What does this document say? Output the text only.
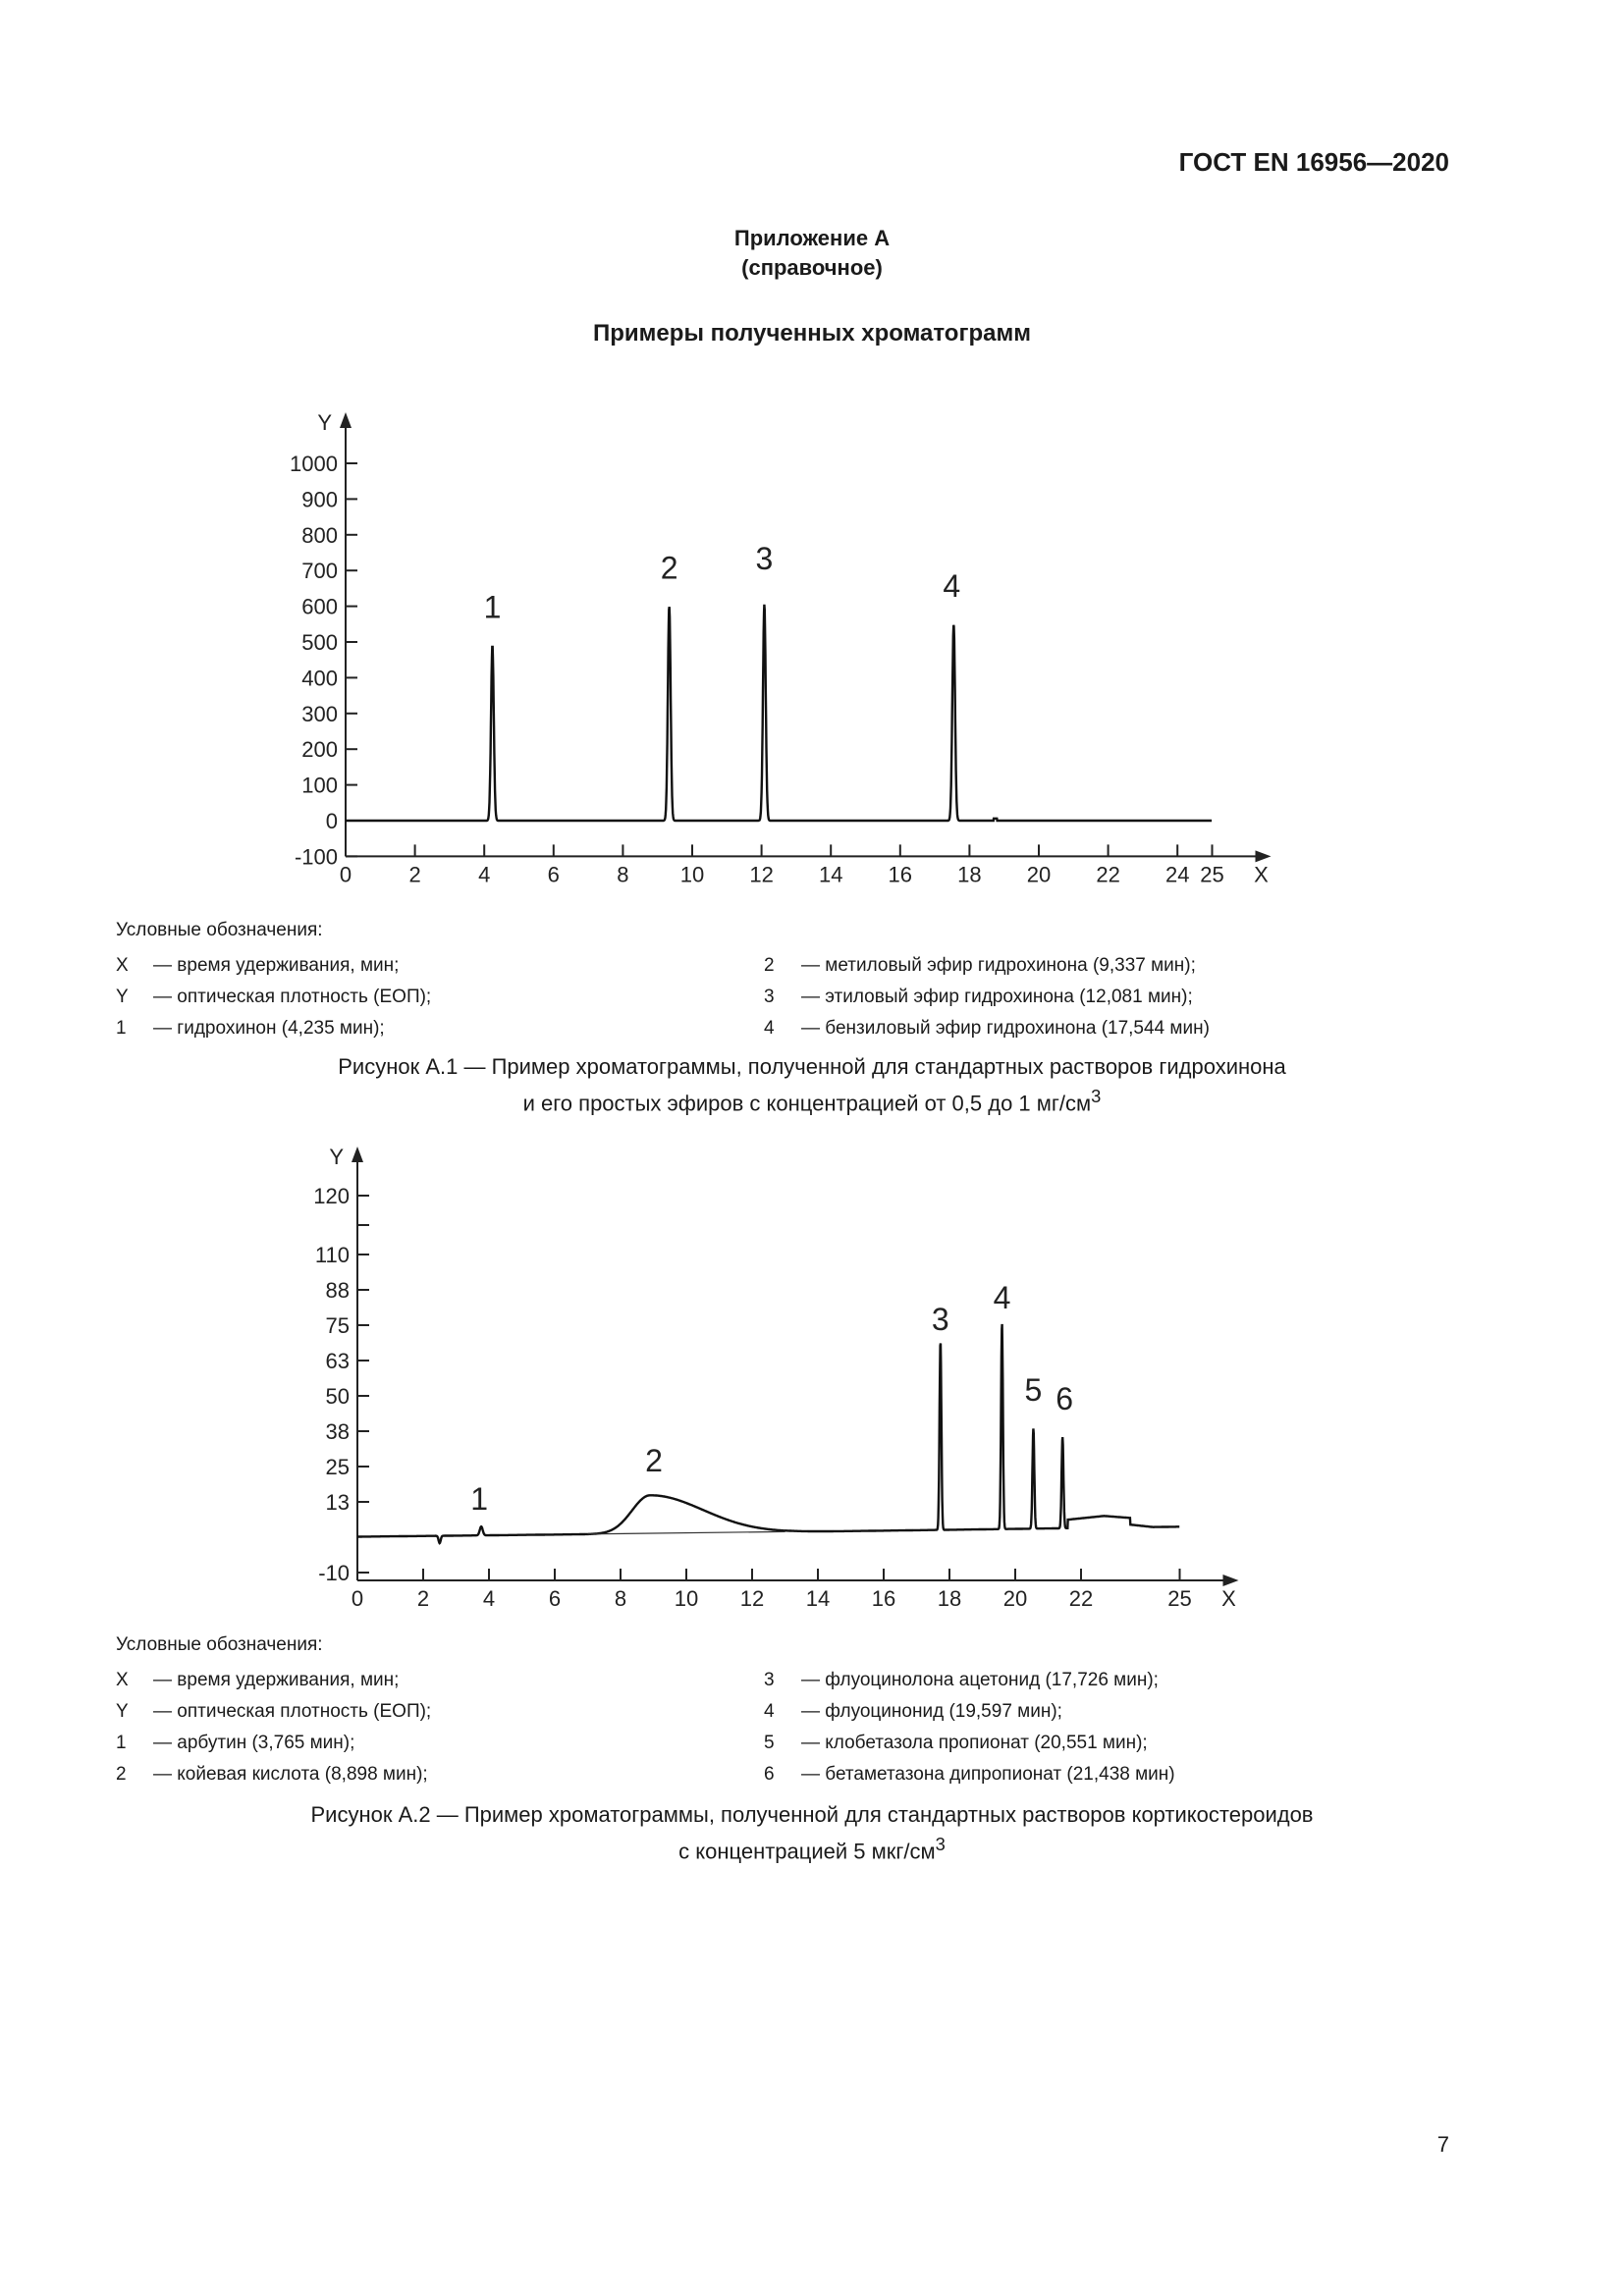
ГОСТ EN 16956—2020
Приложение А
(справочное)
Примеры полученных хроматограмм
-100
0
100
200
300
400
500
600
700
800
900
1000
Y
0	2	4	6	8 10 12 14 16 18 20 22 24 25 X
1
2 3
4
Условные обозначения:
X	— время удерживания, мин;
Y	— оптическая плотность (ЕОП);
1	— гидрохинон (4,235 мин);
2	— метиловый эфир гидрохинона (9,337 мин);
3	— этиловый эфир гидрохинона (12,081 мин);
4	— бензиловый эфир гидрохинона (17,544 мин)
Рисунок А.1 — Пример хроматограммы, полученной для стандартных растворов гидрохинона
и его простых эфиров с концентрацией от 0,5 до 1 $мг/см^3$
-10
13
25
38
50
63
75
88
110
120
Y
0 2 4 6 8 10 12 14 16 18 20 22	25 X
1
2
3
4
5 6
Условные обозначения:
X	— время удерживания, мин;
Y	— оптическая плотность (ЕОП);
1	— арбутин (3,765 мин);
2	— койевая кислота (8,898 мин);
3	— флуоцинолона ацетонид (17,726 мин);
4	— флуоцинонид (19,597 мин);
5	— клобетазола пропионат (20,551 мин);
6	— бетаметазона дипропионат (21,438 мин)
Рисунок А.2 — Пример хроматограммы, полученной для стандартных растворов кортикостероидов
с концентрацией 5 мкг/$см^3$
7
